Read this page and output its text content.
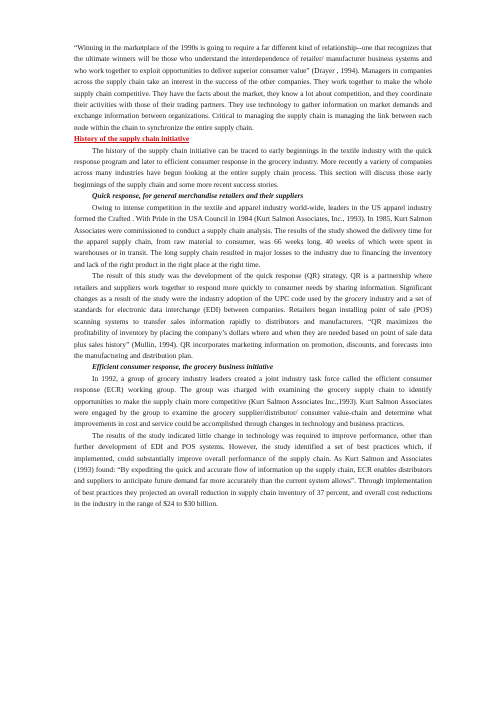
“Winning in the marketplace of the 1990s is going to require a far different kind of relationship--one that recognizes that the ultimate winners will be those who understand the interdependence of retailer/ manufacturer business systems and who work together to exploit opportunities to deliver superior consumer value” (Drayer , 1994). Managers in companies across the supply chain take an interest in the success of the other companies. They work together to make the whole supply chain competitive. They have the facts about the market, they know a lot about competition, and they coordinate their activities with those of their trading partners. They use technology to gather information on market demands and exchange information between organizations. Critical to managing the supply chain is managing the link between each node within the chain to synchronize the entire supply chain.

History of the supply chain initiative

The history of the supply chain initiative can be traced to early beginnings in the textile industry with the quick response program and later to efficient consumer response in the grocery industry. More recently a variety of companies across many industries have begun looking at the entire supply chain process. This section will discuss those early beginnings of the supply chain and some more recent success stories.

Quick response, for general merchandise retailers and their suppliers

Owing to intense competition in the textile and apparel industry world-wide, leaders in the US apparel industry formed the Crafted . With Pride in the USA Council in 1984 (Kurt Salmon Associates, Inc., 1993). In 1985, Kurt Salmon Associates were commissioned to conduct a supply chain analysis. The results of the study showed the delivery time for the apparel supply chain, from raw material to consumer, was 66 weeks long, 40 weeks of which were spent in warehouses or in transit. The long supply chain resulted in major losses to the industry due to financing the inventory and lack of the right product in the right place at the right time.

The result of this study was the development of the quick response (QR) strategy. QR is a partnership where retailers and suppliers work together to respond more quickly to consumer needs by sharing information. Significant changes as a result of the study were the industry adoption of the UPC code used by the grocery industry and a set of standards for electronic data interchange (EDI) between companies. Retailers began installing point of sale (POS) scanning systems to transfer sales information rapidly to distributors and manufacturers. “QR maximizes the profitability of inventory by placing the company’s dollars where and when they are needed based on point of sale data plus sales history” (Mullin, 1994). QR incorporates marketing information on promotion, discounts, and forecasts into the manufacturing and distribution plan.

Efficient consumer response, the grocery business initiative

In 1992, a group of grocery industry leaders created a joint industry task force called the efficient consumer response (ECR) working group. The group was charged with examining the grocery supply chain to identify opportunities to make the supply chain more competitive (Kurt Salmon Associates Inc.,1993). Kurt Salmon Associates were engaged by the group to examine the grocery supplier/distributor/ consumer value-chain and determine what improvements in cost and service could be accomplished through changes in technology and business practices.

The results of the study indicated little change in technology was required to improve performance, other than further development of EDI and POS systems. However, the study identified a set of best practices which, if implemented, could substantially improve overall performance of the supply chain. As Kurt Salmon and Associates (1993) found: “By expediting the quick and accurate flow of information up the supply chain, ECR enables distributors and suppliers to anticipate future demand far more accurately than the current system allows”. Through implementation of best practices they projected an overall reduction in supply chain inventory of 37 percent, and overall cost reductions in the industry in the range of $24 to $30 billion.
